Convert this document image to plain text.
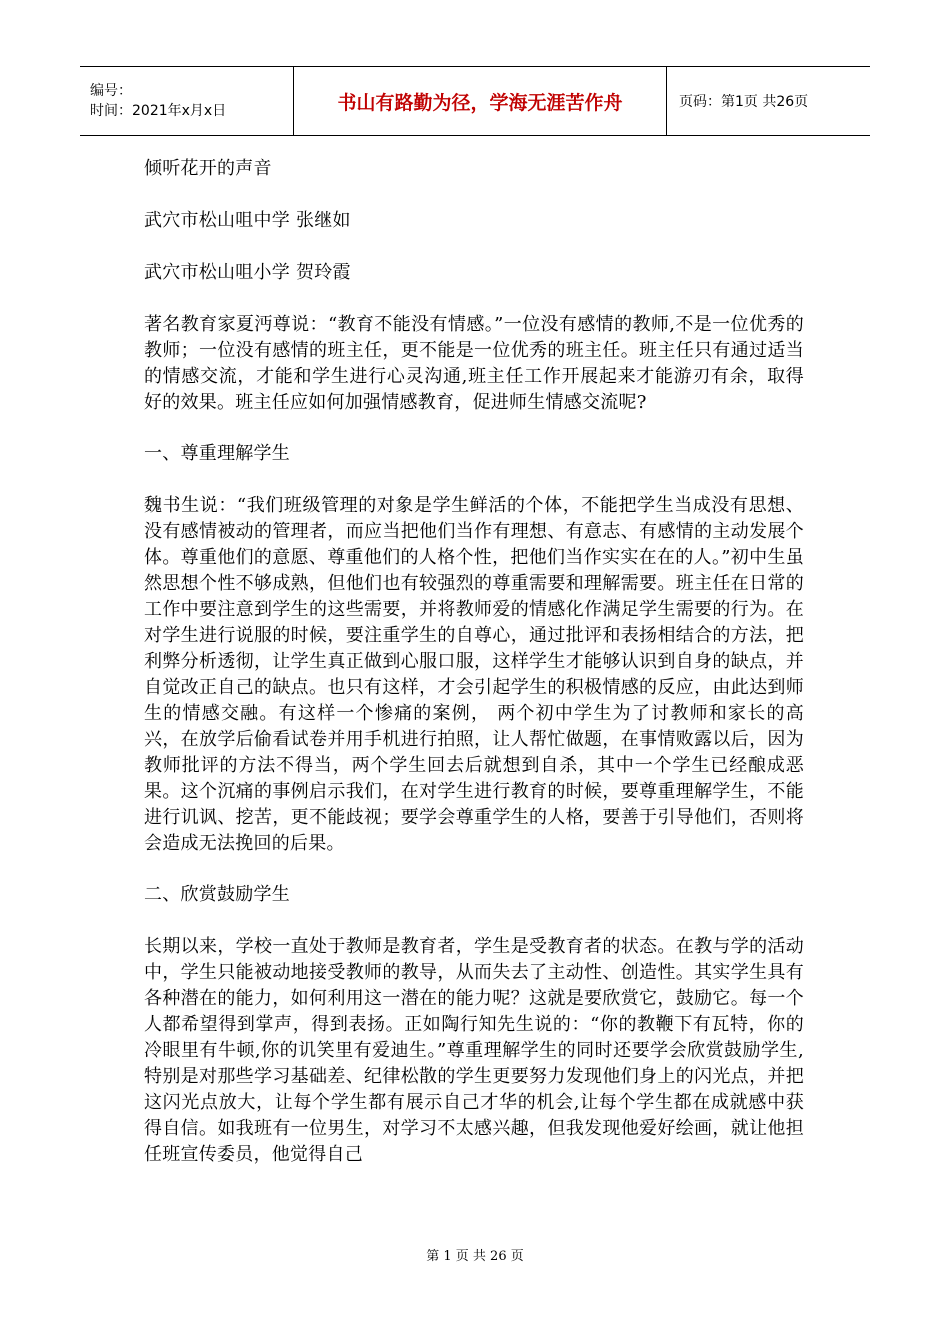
编号：
时间：2021年x月x日	书山有路勤为径，学海无涯苦作舟	页码：第1页 共26页

倾听花开的声音

武穴市松山咀中学 张继如

武穴市松山咀小学 贺玲霞

著名教育家夏沔尊说：“教育不能没有情感。”一位没有感情的教师,不是一位优秀的教师；一位没有感情的班主任，更不能是一位优秀的班主任。班主任只有通过适当的情感交流，才能和学生进行心灵沟通,班主任工作开展起来才能游刃有余，取得好的效果。班主任应如何加强情感教育，促进师生情感交流呢?

一、尊重理解学生

魏书生说：“我们班级管理的对象是学生鲜活的个体，不能把学生当成没有思想、没有感情被动的管理者，而应当把他们当作有理想、有意志、有感情的主动发展个体。尊重他们的意愿、尊重他们的人格个性，把他们当作实实在在的人。”初中生虽然思想个性不够成熟，但他们也有较强烈的尊重需要和理解需要。班主任在日常的工作中要注意到学生的这些需要，并将教师爱的情感化作满足学生需要的行为。在对学生进行说服的时候，要注重学生的自尊心，通过批评和表扬相结合的方法，把利弊分析透彻，让学生真正做到心服口服，这样学生才能够认识到自身的缺点，并自觉改正自己的缺点。也只有这样，才会引起学生的积极情感的反应，由此达到师生的情感交融。有这样一个惨痛的案例， 两个初中学生为了讨教师和家长的高兴，在放学后偷看试卷并用手机进行拍照，让人帮忙做题，在事情败露以后，因为教师批评的方法不得当，两个学生回去后就想到自杀，其中一个学生已经酿成恶果。这个沉痛的事例启示我们，在对学生进行教育的时候，要尊重理解学生，不能进行讥讽、挖苦，更不能歧视；要学会尊重学生的人格，要善于引导他们，否则将会造成无法挽回的后果。

二、欣赏鼓励学生

长期以来，学校一直处于教师是教育者，学生是受教育者的状态。在教与学的活动中，学生只能被动地接受教师的教导，从而失去了主动性、创造性。其实学生具有各种潜在的能力，如何利用这一潜在的能力呢？这就是要欣赏它，鼓励它。每一个人都希望得到掌声，得到表扬。正如陶行知先生说的：“你的教鞭下有瓦特，你的冷眼里有牛顿,你的讥笑里有爱迪生。”尊重理解学生的同时还要学会欣赏鼓励学生,特别是对那些学习基础差、纪律松散的学生更要努力发现他们身上的闪光点，并把这闪光点放大，让每个学生都有展示自己才华的机会,让每个学生都在成就感中获得自信。如我班有一位男生，对学习不太感兴趣，但我发现他爱好绘画，就让他担任班宣传委员，他觉得自己

第 1 页 共 26 页
